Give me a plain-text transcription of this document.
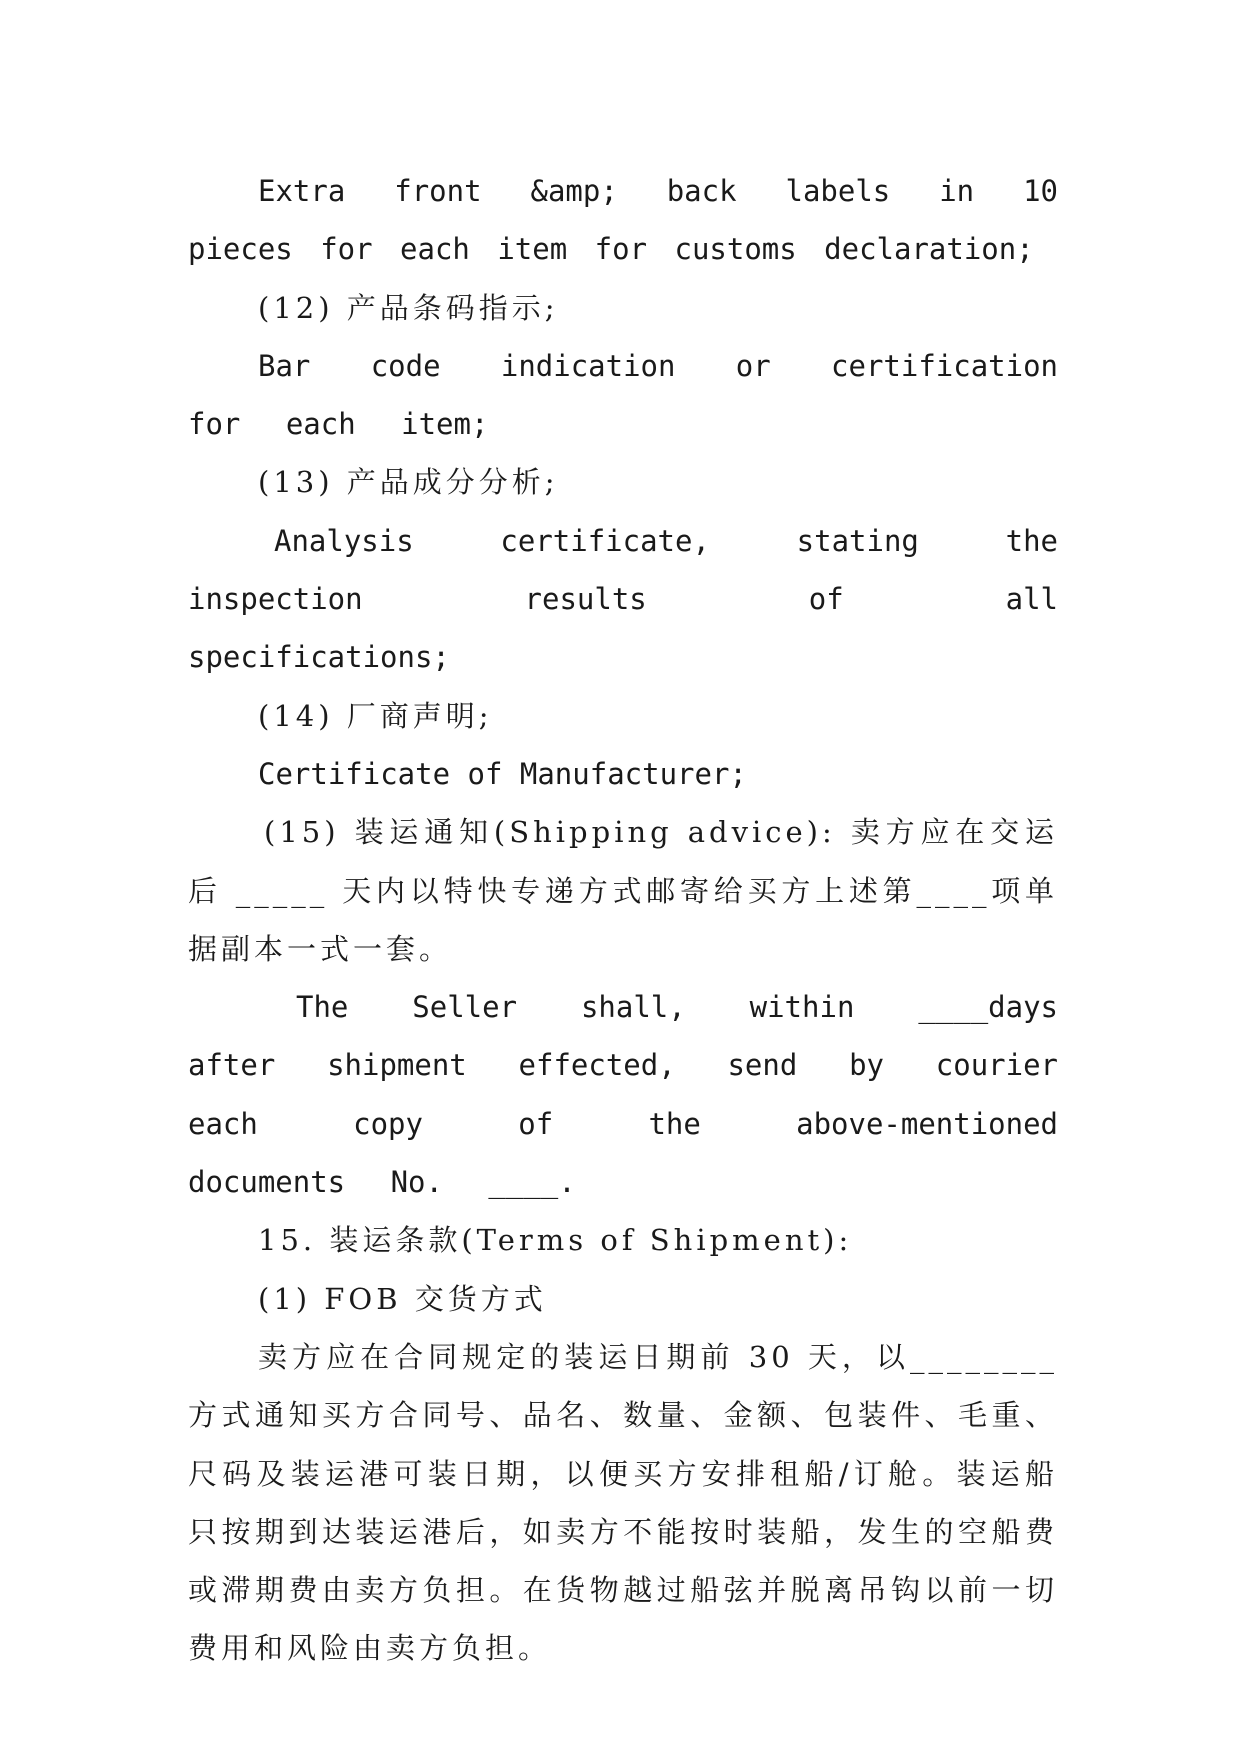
Extra front &amp; back labels in 10 pieces for each item for customs declaration;

(12) 产品条码指示;

Bar code indication or certification for each item;

(13) 产品成分分析;

Analysis certificate, stating the inspection results of all specifications;

(14) 厂商声明;

Certificate of Manufacturer;

(15) 装运通知(Shipping advice): 卖方应在交运后 _____ 天内以特快专递方式邮寄给买方上述第____项单据副本一式一套。

The Seller shall, within ____days after shipment effected, send by courier each copy of the above-mentioned documents No. ____.

15. 装运条款(Terms of Shipment):

(1) FOB 交货方式

卖方应在合同规定的装运日期前 30 天，以________方式通知买方合同号、品名、数量、金额、包装件、毛重、尺码及装运港可装日期，以便买方安排租船/订舱。装运船只按期到达装运港后，如卖方不能按时装船，发生的空船费或滞期费由卖方负担。在货物越过船弦并脱离吊钩以前一切费用和风险由卖方负担。
